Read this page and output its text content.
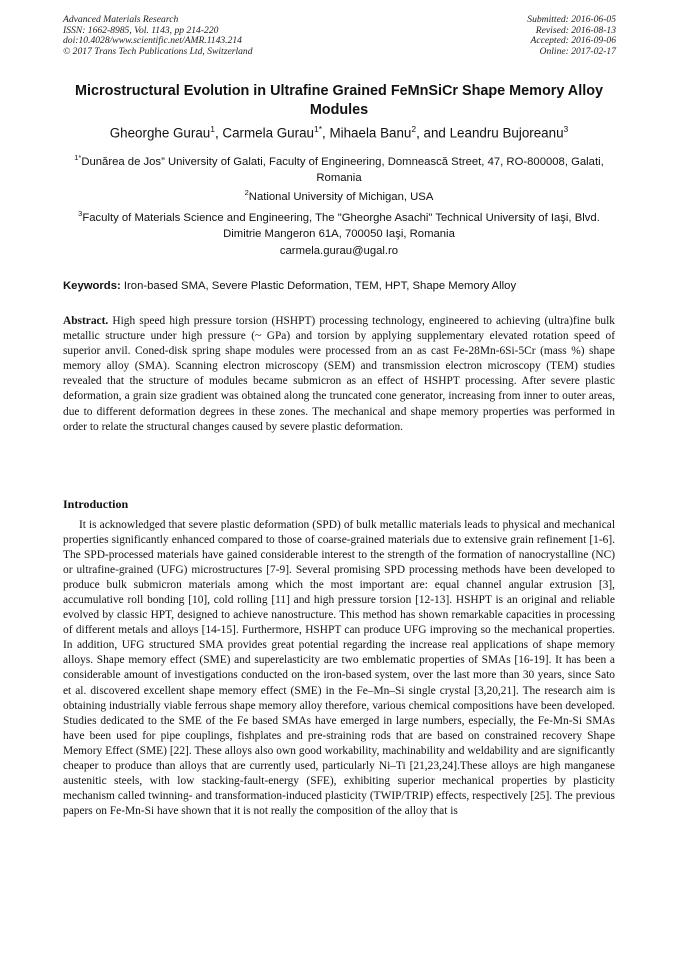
Advanced Materials Research
ISSN: 1662-8985, Vol. 1143, pp 214-220
doi:10.4028/www.scientific.net/AMR.1143.214
© 2017 Trans Tech Publications Ltd, Switzerland
Submitted: 2016-06-05
Revised: 2016-08-13
Accepted: 2016-09-06
Online: 2017-02-17
Microstructural Evolution in Ultrafine Grained FeMnSiCr Shape Memory Alloy Modules
Gheorghe Gurau$^1$, Carmela Gurau$^{1*}$, Mihaela Banu$^2$, and Leandru Bujoreanu$^3$
$^{1*}$Dunărea de Jos” University of Galati, Faculty of Engineering, Domnească Street, 47, RO-800008, Galati, Romania
$^2$National University of Michigan, USA
$^3$Faculty of Materials Science and Engineering, The "Gheorghe Asachi" Technical University of Iaşi, Blvd. Dimitrie Mangeron 61A, 700050 Iaşi, Romania
carmela.gurau@ugal.ro
Keywords: Iron-based SMA, Severe Plastic Deformation, TEM, HPT, Shape Memory Alloy
Abstract. High speed high pressure torsion (HSHPT) processing technology, engineered to achieving (ultra)fine bulk metallic structure under high pressure (~ GPa) and torsion by applying supplementary elevated rotation speed of superior anvil. Coned-disk spring shape modules were processed from an as cast Fe-28Mn-6Si-5Cr (mass %) shape memory alloy (SMA). Scanning electron microscopy (SEM) and transmission electron microscopy (TEM) studies revealed that the structure of modules became submicron as an effect of HSHPT processing. After severe plastic deformation, a grain size gradient was obtained along the truncated cone generator, increasing from inner to outer areas, due to different deformation degrees in these zones. The mechanical and shape memory properties was performed in order to relate the structural changes caused by severe plastic deformation.
Introduction
It is acknowledged that severe plastic deformation (SPD) of bulk metallic materials leads to physical and mechanical properties significantly enhanced compared to those of coarse-grained materials due to extensive grain refinement [1-6]. The SPD-processed materials have gained considerable interest to the strength of the formation of nanocrystalline (NC) or ultrafine-grained (UFG) microstructures [7-9]. Several promising SPD processing methods have been developed to produce bulk submicron materials among which the most important are: equal channel angular extrusion [3], accumulative roll bonding [10], cold rolling [11] and high pressure torsion [12-13]. HSHPT is an original and reliable evolved by classic HPT, designed to achieve nanostructure. This method has shown remarkable capacities in processing of different metals and alloys [14-15]. Furthermore, HSHPT can produce UFG improving so the mechanical properties. In addition, UFG structured SMA provides great potential regarding the increase real applications of shape memory alloys. Shape memory effect (SME) and superelasticity are two emblematic properties of SMAs [16-19]. It has been a considerable amount of investigations conducted on the iron-based system, over the last more than 30 years, since Sato et al. discovered excellent shape memory effect (SME) in the Fe–Mn–Si single crystal [3,20,21]. The research aim is obtaining industrially viable ferrous shape memory alloy therefore, various chemical compositions have been developed. Studies dedicated to the SME of the Fe based SMAs have emerged in large numbers, especially, the Fe-Mn-Si SMAs have been used for pipe couplings, fishplates and pre-straining rods that are based on constrained recovery Shape Memory Effect (SME) [22]. These alloys also own good workability, machinability and weldability and are significantly cheaper to produce than alloys that are currently used, particularly Ni–Ti [21,23,24].These alloys are high manganese austenitic steels, with low stacking-fault-energy (SFE), exhibiting superior mechanical properties by plasticity mechanism called twinning- and transformation-induced plasticity (TWIP/TRIP) effects, respectively [25]. The previous papers on Fe-Mn-Si have shown that it is not really the composition of the alloy that is
